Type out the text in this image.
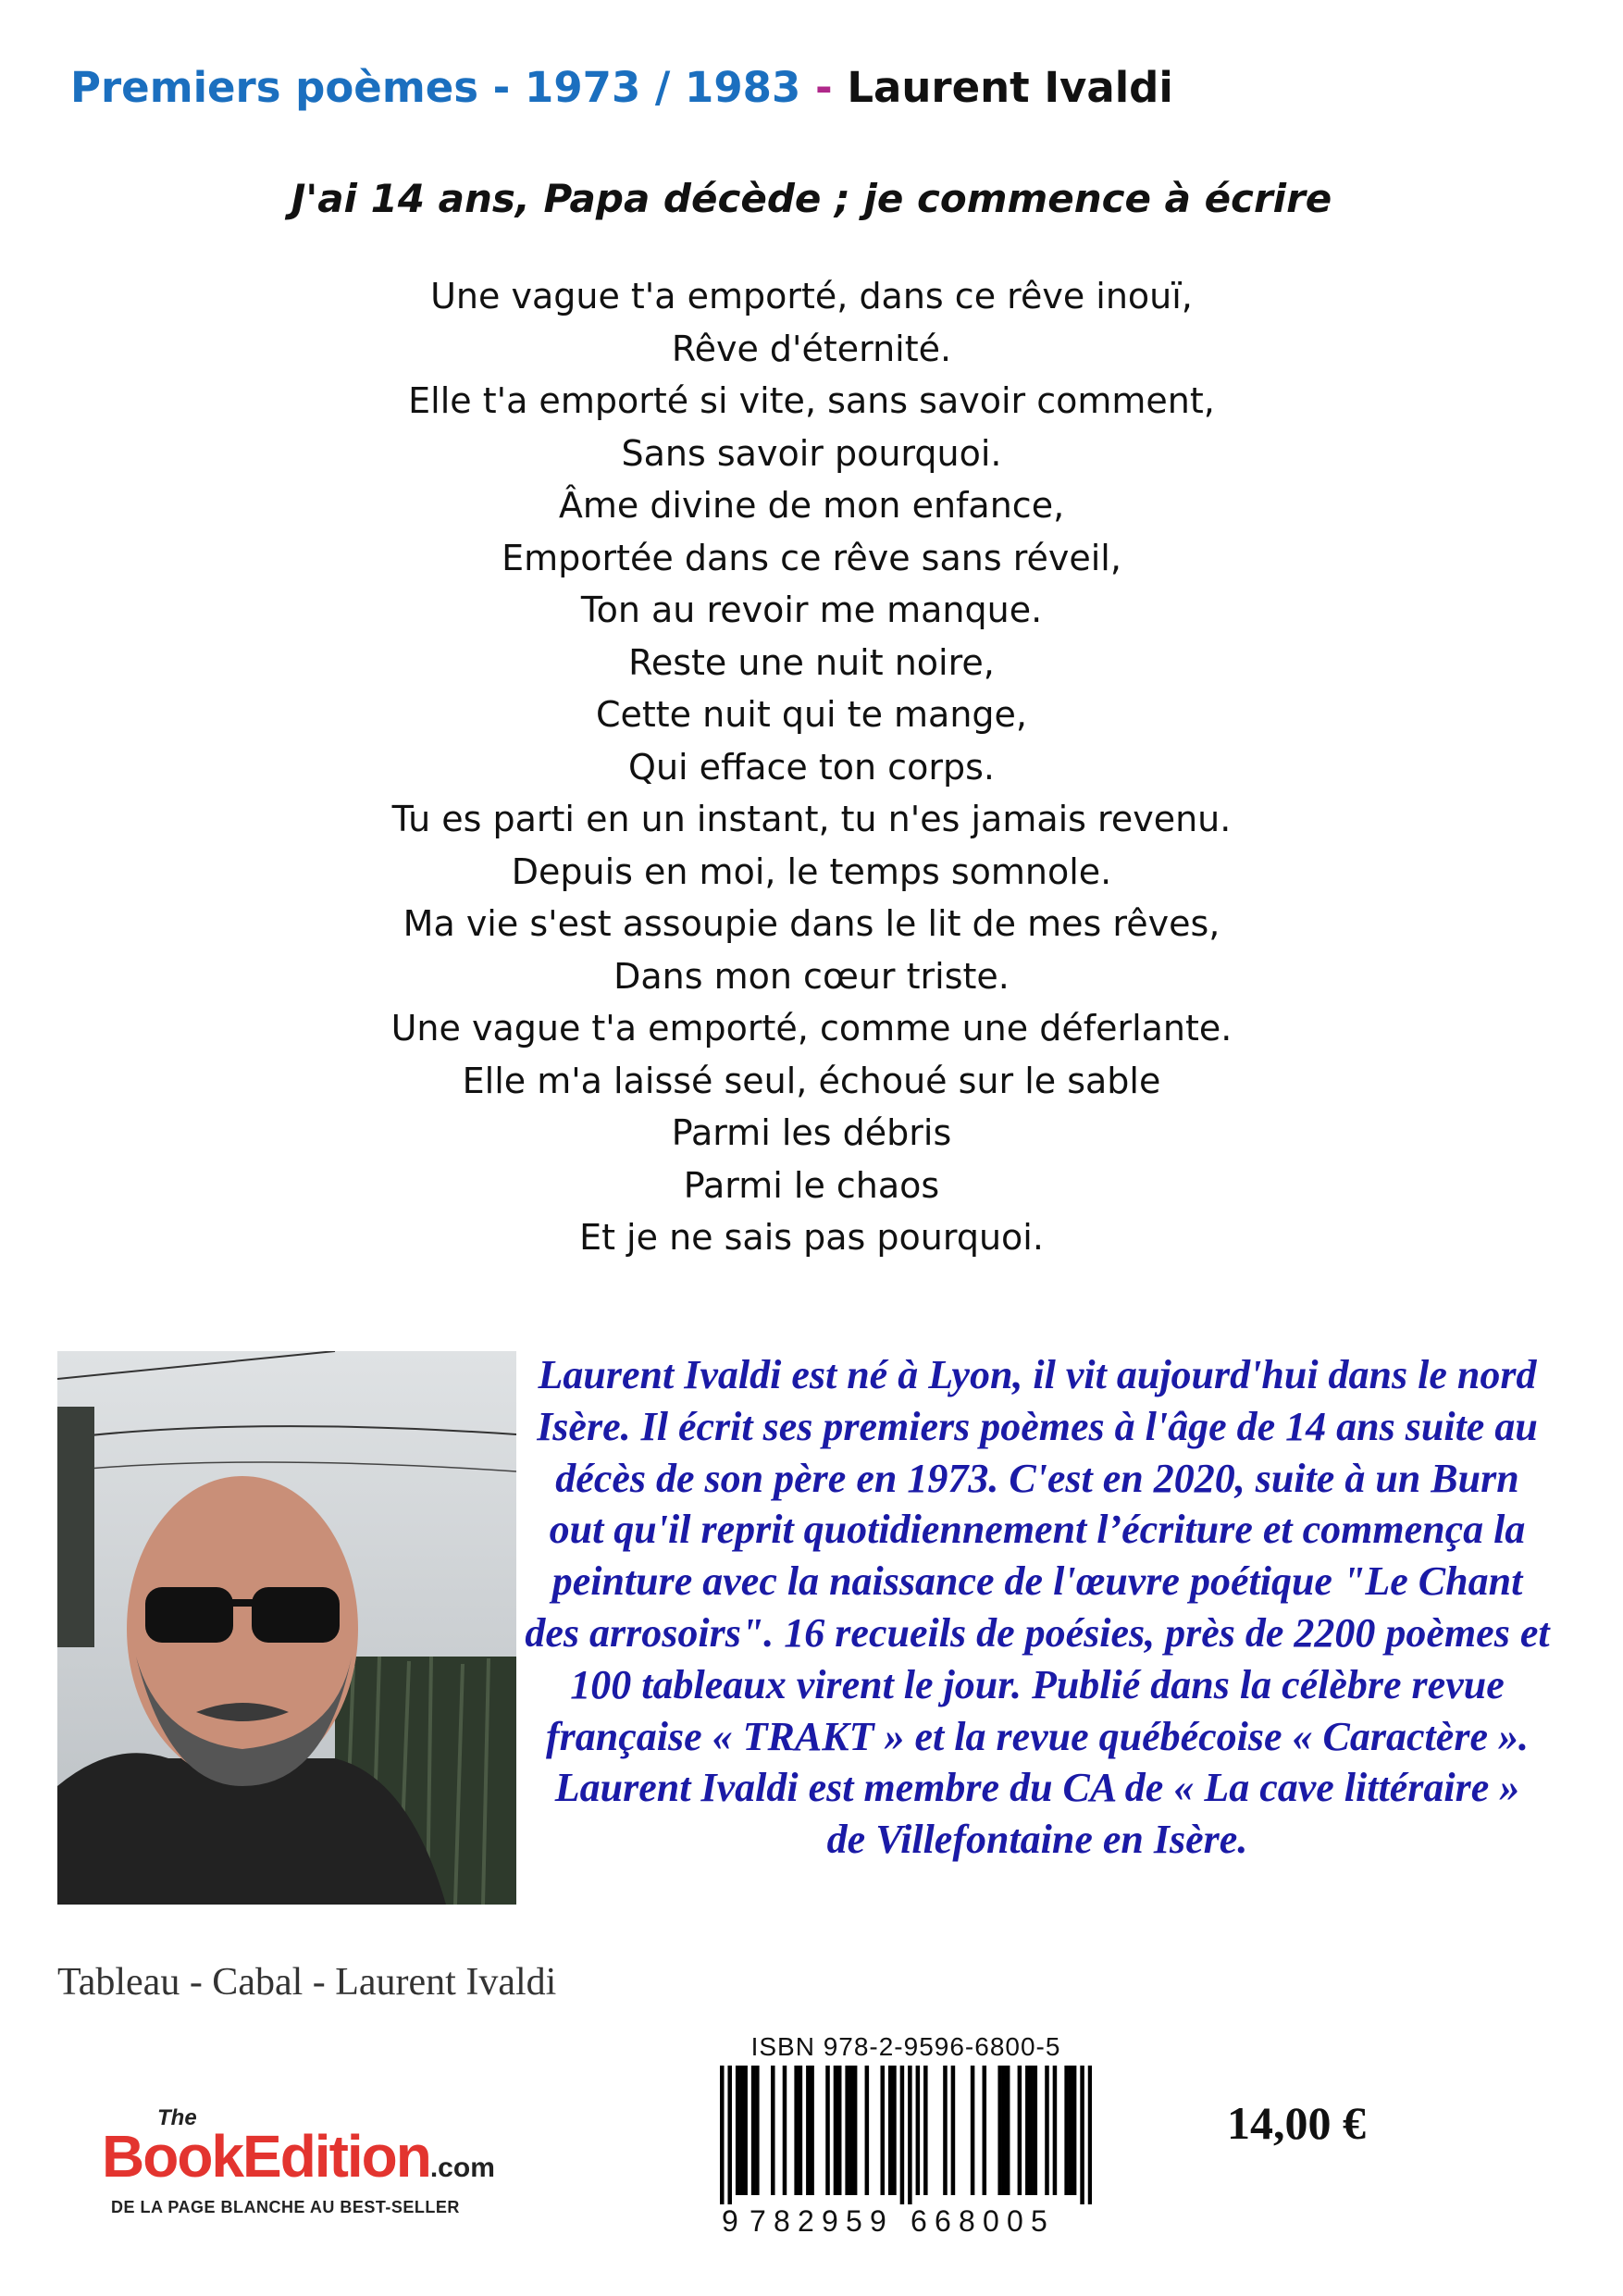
Premiers poèmes - 1973 / 1983 - Laurent Ivaldi
J'ai 14 ans, Papa décède ; je commence à écrire
Une vague t'a emporté, dans ce rêve inouï,
Rêve d'éternité.
Elle t'a emporté si vite, sans savoir comment,
Sans savoir pourquoi.
Âme divine de mon enfance,
Emportée dans ce rêve sans réveil,
Ton au revoir me manque.
Reste une nuit noire,
Cette nuit qui te mange,
Qui efface ton corps.
Tu es parti en un instant, tu n'es jamais revenu.
Depuis en moi, le temps somnole.
Ma vie s'est assoupie dans le lit de mes rêves,
Dans mon cœur triste.
Une vague t'a emporté, comme une déferlante.
Elle m'a laissé seul, échoué sur le sable
Parmi les débris
Parmi le chaos
Et je ne sais pas pourquoi.
Laurent Ivaldi est né à Lyon, il vit aujourd'hui dans le nord
Isère. Il écrit ses premiers poèmes à l'âge de 14 ans suite au
décès de son père en 1973. C'est en 2020, suite à un Burn
out qu'il reprit quotidiennement l’écriture et commença la
peinture avec la naissance de l'œuvre poétique "Le Chant
des arrosoirs". 16 recueils de poésies, près de 2200 poèmes et
100 tableaux virent le jour. Publié dans la célèbre revue
française « TRAKT » et la revue québécoise « Caractère ».
Laurent Ivaldi est membre du CA de « La cave littéraire »
de Villefontaine en Isère.
Tableau - Cabal - Laurent Ivaldi
The
BookEdition.com
DE LA PAGE BLANCHE AU BEST-SELLER
ISBN 978-2-9596-6800-5
9 7 8 2 9 5 9 6 6 8 0 0 5
14,00 €
